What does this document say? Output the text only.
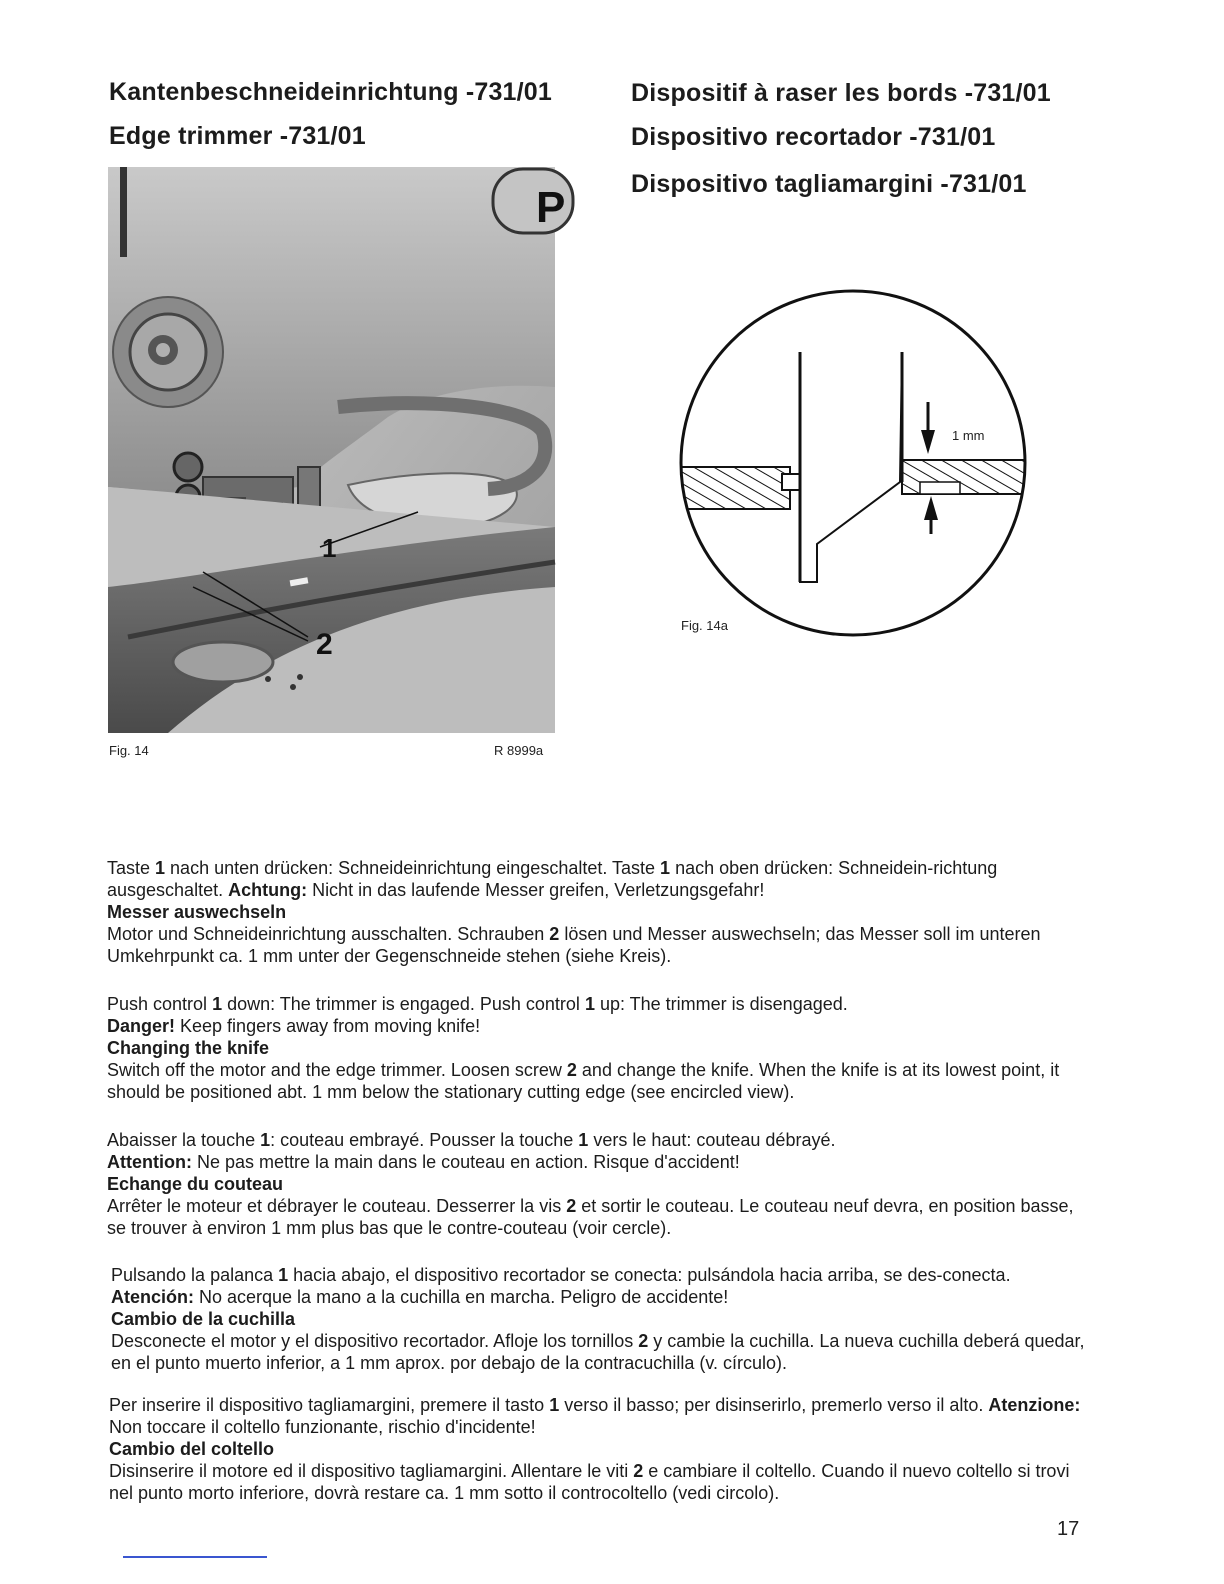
Kantenbeschneideinrichtung -731/01
Edge trimmer -731/01
Dispositif à raser les bords -731/01
Dispositivo recortador -731/01
Dispositivo tagliamargini -731/01
P
1
2
Fig. 14	R 8999a
1 mm
Fig. 14a

Taste 1 nach unten drücken: Schneideinrichtung eingeschaltet. Taste 1 nach oben drücken: Schneidein-richtung ausgeschaltet. Achtung: Nicht in das laufende Messer greifen, Verletzungsgefahr!
Messer auswechseln
Motor und Schneideinrichtung ausschalten. Schrauben 2 lösen und Messer auswechseln; das Messer soll im unteren Umkehrpunkt ca. 1 mm unter der Gegenschneide stehen (siehe Kreis).

Push control 1 down: The trimmer is engaged. Push control 1 up: The trimmer is disengaged.
Danger! Keep fingers away from moving knife!
Changing the knife
Switch off the motor and the edge trimmer. Loosen screw 2 and change the knife. When the knife is at its lowest point, it should be positioned abt. 1 mm below the stationary cutting edge (see encircled view).

Abaisser la touche 1: couteau embrayé. Pousser la touche 1 vers le haut: couteau débrayé.
Attention: Ne pas mettre la main dans le couteau en action. Risque d'accident!
Echange du couteau
Arrêter le moteur et débrayer le couteau. Desserrer la vis 2 et sortir le couteau. Le couteau neuf devra, en position basse, se trouver à environ 1 mm plus bas que le contre-couteau (voir cercle).

Pulsando la palanca 1 hacia abajo, el dispositivo recortador se conecta: pulsándola hacia arriba, se des-conecta. Atención: No acerque la mano a la cuchilla en marcha. Peligro de accidente!
Cambio de la cuchilla
Desconecte el motor y el dispositivo recortador. Afloje los tornillos 2 y cambie la cuchilla. La nueva cuchilla deberá quedar, en el punto muerto inferior, a 1 mm aprox. por debajo de la contracuchilla (v. círculo).

Per inserire il dispositivo tagliamargini, premere il tasto 1 verso il basso; per disinserirlo, premerlo verso il alto. Atenzione: Non toccare il coltello funzionante, rischio d'incidente!
Cambio del coltello
Disinserire il motore ed il dispositivo tagliamargini. Allentare le viti 2 e cambiare il coltello. Cuando il nuevo coltello si trovi nel punto morto inferiore, dovrà restare ca. 1 mm sotto il controcoltello (vedi circolo).

17
